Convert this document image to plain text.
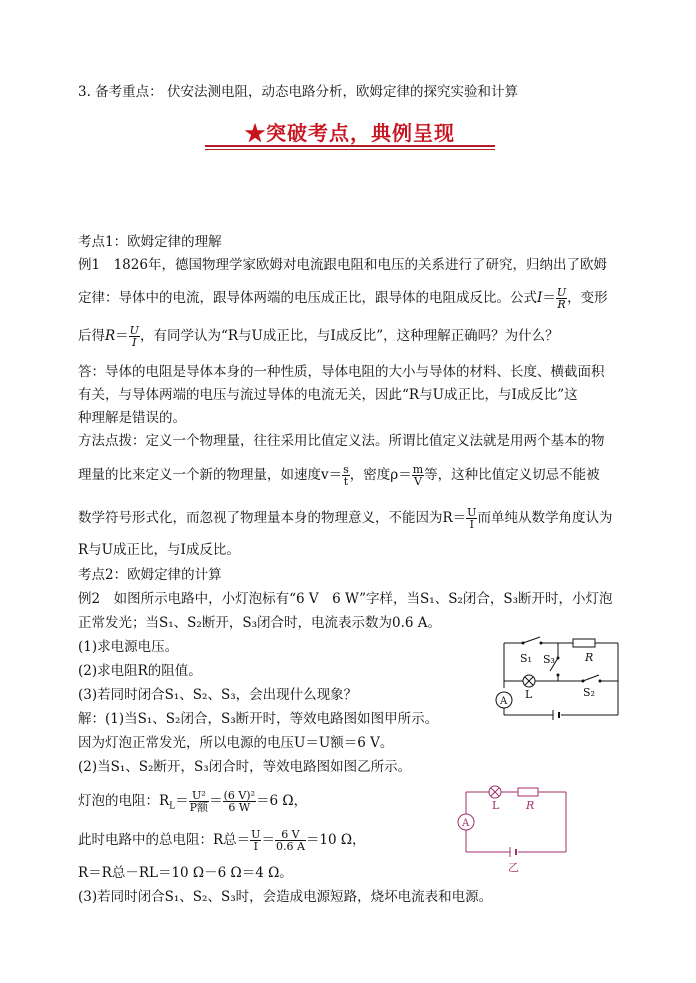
3. 备考重点： 伏安法测电阻，动态电路分析，欧姆定律的探究实验和计算
★突破考点，典例呈现
考点1：欧姆定律的理解
例1　1826年，德国物理学家欧姆对电流跟电阻和电压的关系进行了研究，归纳出了欧姆
定律：导体中的电流，跟导体两端的电压成正比，跟导体的电阻成反比。公式$I= \frac{U}{R}$ ，变形
后得$R= \frac{U}{I}$ ，有同学认为“R与U成正比，与I成反比”，这种理解正确吗？为什么？
答：导体的电阻是导体本身的一种性质，导体电阻的大小与导体的材料、长度、横截面积
有关，与导体两端的电压与流过导体的电流无关，因此“R与U成正比，与I成反比”这
种理解是错误的。
方法点拨：定义一个物理量，往往采用比值定义法。所谓比值定义法就是用两个基本的物
理量的比来定义一个新的物理量，如速度$v= \frac{s}{t}$ ，密度$\rho= \frac{m}{V}$ 等，这种比值定义切忌不能被
数学符号形式化，而忽视了物理量本身的物理意义，不能因为$R= \frac{U}{I}$ 而单纯从数学角度认为
R与U成正比，与I成反比。
考点2：欧姆定律的计算
例2　如图所示电路中，小灯泡标有“6 V　6 W”字样，当S₁、S₂闭合，S₃断开时，小灯泡
正常发光；当S₁、S₂断开，S₃闭合时，电流表示数为0.6 A。
(1)求电源电压。
(2)求电阻R的阻值。
(3)若同时闭合S₁、S₂、S₃，会出现什么现象？
解：(1)当S₁、S₂闭合，S₃断开时，等效电路图如图甲所示。
因为灯泡正常发光，所以电源的电压U＝U额＝6 V。
(2)当S₁、S₂断开，S₃闭合时，等效电路图如图乙所示。
灯泡的电阻：$R_L= \frac{\text{U²}}{\text{P额}} = \frac{\text{(6 V)²}}{6 W} =6$ Ω，
此时电路中的总电阻：R总＝ $\frac{U}{I} = \frac{6 V}{0.6 A} =10$ Ω，
R＝R总－RL＝10 Ω－6 Ω＝4 Ω。
(3)若同时闭合S₁、S₂、S₃时，会造成电源短路，烧坏电流表和电源。
S₁ S₃	R
L	S₂
A
L R
A
乙
